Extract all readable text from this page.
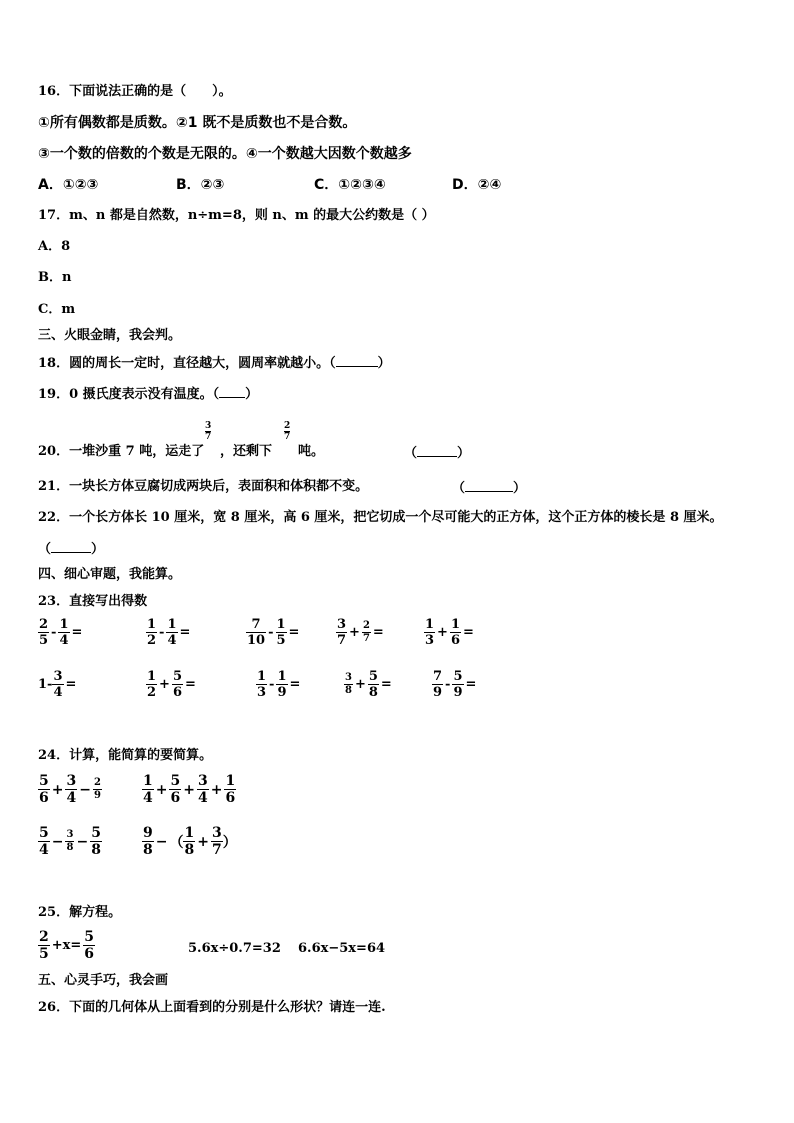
16．下面说法正确的是（　　）。
①所有偶数都是质数。②1 既不是质数也不是合数。
③一个数的倍数的个数是无限的。④一个数越大因数个数越多
A．①②③	B．②③	C．①②③④	D．②④
17．m、n 都是自然数，n÷m=8，则 n、m 的最大公约数是（ ）
A．8
B．n
C．m
三、火眼金睛，我会判。
18．圆的周长一定时，直径越大，圆周率就越小。（	）
19．0 摄氏度表示没有温度。（ ）
20．一堆沙重 7 吨，运走了
$\frac{3}{7}$
，还剩下
$\frac{2}{7}$
吨。	（	）
21．一块长方体豆腐切成两块后，表面积和体积都不变。	（	）
22．一个长方体长 10 厘米，宽 8 厘米，高 6 厘米，把它切成一个尽可能大的正方体，这个正方体的棱长是 8 厘米。
（	）
四、细心审题，我能算。
23．直接写出得数
$\frac{2}{5} - \frac{1}{4}$ =	$\frac{1}{2} - \frac{1}{4}$ =	$\frac{7}{10} - \frac{1}{5}$ =	$\frac{3}{7} + \frac{2}{7}$ =	$\frac{1}{3} + \frac{1}{6}$ =
$1 - \frac{3}{4}$ =	$\frac{1}{2} + \frac{5}{6}$ =	$\frac{1}{3} - \frac{1}{9}$ =	$\frac{3}{8} + \frac{5}{8}$ =	$\frac{7}{9} - \frac{5}{9}$ =
24．计算，能简算的要简算。
$\frac{5}{6} + \frac{3}{4} - \frac{2}{9}$	$\frac{1}{4} + \frac{5}{6} + \frac{3}{4} + \frac{1}{6}$
$\frac{5}{4} - \frac{3}{8} - \frac{5}{8}$	$\frac{9}{8}$ − （ $\frac{1}{8} + \frac{3}{7}$ ）
25．解方程。
$\frac{2}{5} +x= \frac{5}{6}$	5.6x÷0.7=32 6.6x−5x=64
五、心灵手巧，我会画
26．下面的几何体从上面看到的分别是什么形状？请连一连.
